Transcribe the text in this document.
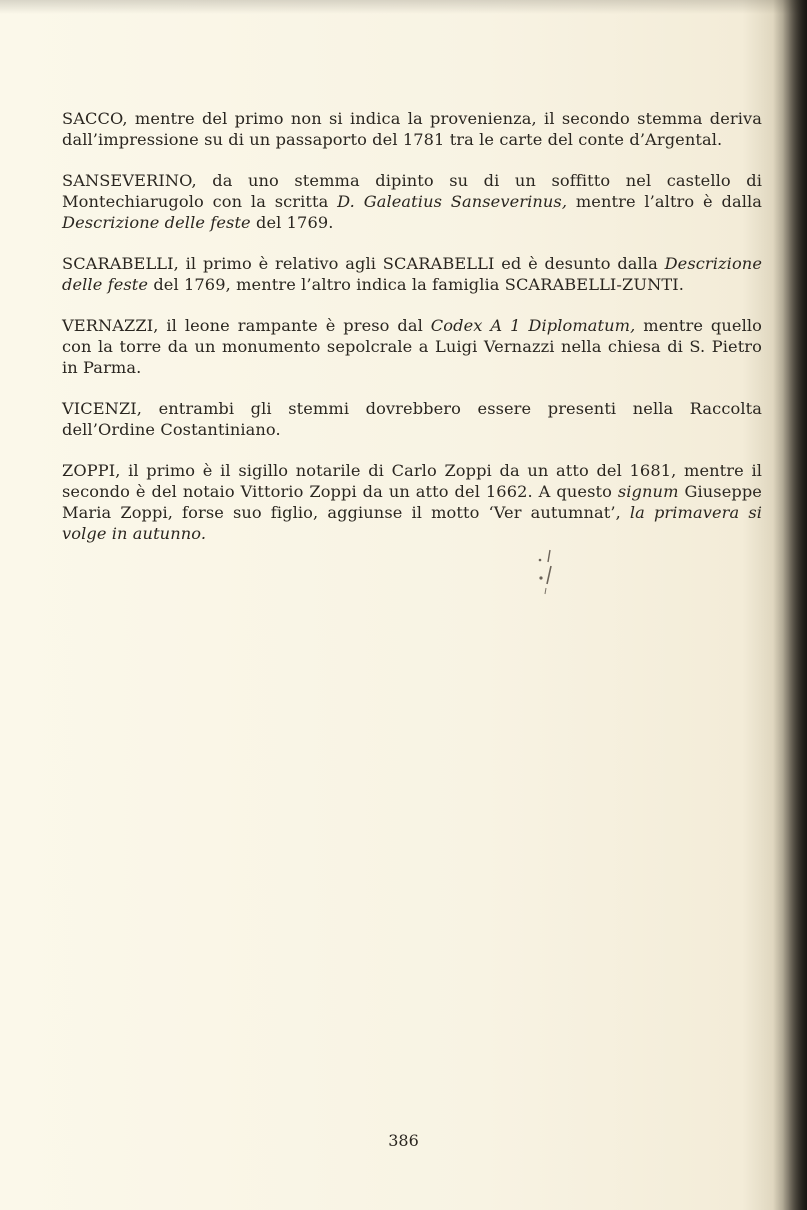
SACCO, mentre del primo non si indica la provenienza, il secondo stemma deriva dall’impressione su di un passaporto del 1781 tra le carte del conte d’Argental.

SANSEVERINO, da uno stemma dipinto su di un soffitto nel castello di Montechiarugolo con la scritta D. Galeatius Sanseverinus, mentre l’altro è dalla Descrizione delle feste del 1769.

SCARABELLI, il primo è relativo agli SCARABELLI ed è desunto dalla Descrizione delle feste del 1769, mentre l’altro indica la famiglia SCARABELLI-ZUNTI.

VERNAZZI, il leone rampante è preso dal Codex A 1 Diplomatum, mentre quello con la torre da un monumento sepolcrale a Luigi Vernazzi nella chiesa di S. Pietro in Parma.

VICENZI, entrambi gli stemmi dovrebbero essere presenti nella Raccolta dell’Ordine Costantiniano.

ZOPPI, il primo è il sigillo notarile di Carlo Zoppi da un atto del 1681, mentre il secondo è del notaio Vittorio Zoppi da un atto del 1662. A questo signum Giuseppe Maria Zoppi, forse suo figlio, aggiunse il motto ‘Ver autumnat’, la primavera si volge in autunno.

386
